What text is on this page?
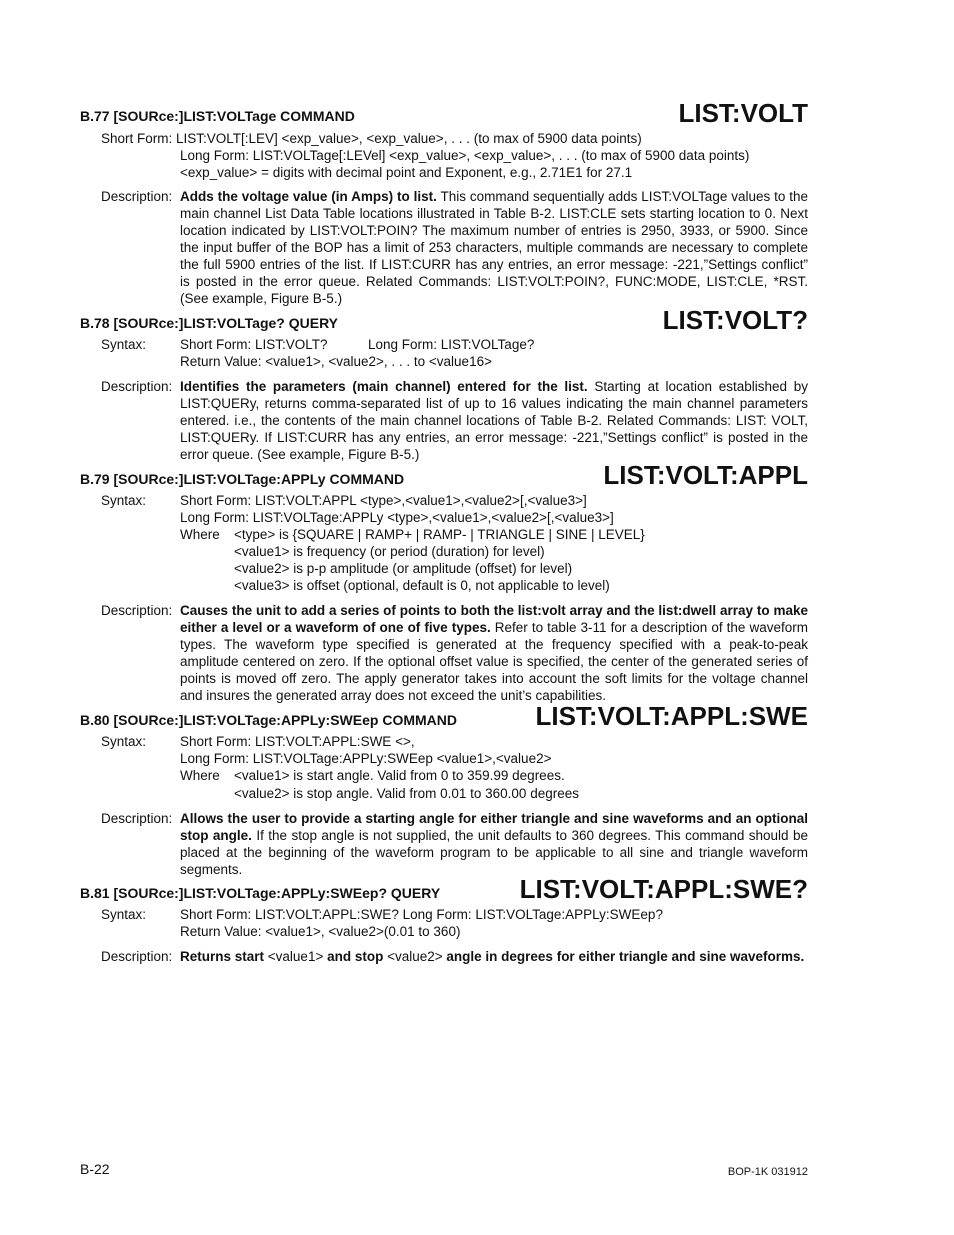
B.77 [SOURce:]LIST:VOLTage COMMAND	LIST:VOLT
Short Form: LIST:VOLT[:LEV] <exp_value>, <exp_value>, . . . (to max of 5900 data points)
Long Form: LIST:VOLTage[:LEVel] <exp_value>, <exp_value>, . . . (to max of 5900 data points)
<exp_value> = digits with decimal point and Exponent, e.g., 2.71E1 for 27.1
Description: Adds the voltage value (in Amps) to list. This command sequentially adds LIST:VOLTage values to the main channel List Data Table locations illustrated in Table B-2. LIST:CLE sets starting location to 0. Next location indicated by LIST:VOLT:POIN? The maximum number of entries is 2950, 3933, or 5900. Since the input buffer of the BOP has a limit of 253 characters, multiple commands are necessary to complete the full 5900 entries of the list. If LIST:CURR has any entries, an error message: -221,”Settings conflict” is posted in the error queue. Related Commands: LIST:VOLT:POIN?, FUNC:MODE, LIST:CLE, *RST. (See example, Figure B-5.)
B.78 [SOURce:]LIST:VOLTage? QUERY	LIST:VOLT?
Syntax:	Short Form: LIST:VOLT?	Long Form: LIST:VOLTage?
Return Value: <value1>, <value2>, . . . to <value16>
Description: Identifies the parameters (main channel) entered for the list. Starting at location established by LIST:QUERy, returns comma-separated list of up to 16 values indicating the main channel parameters entered. i.e., the contents of the main channel locations of Table B-2. Related Commands: LIST: VOLT, LIST:QUERy. If LIST:CURR has any entries, an error message: -221,”Settings conflict” is posted in the error queue. (See example, Figure B-5.)
B.79 [SOURce:]LIST:VOLTage:APPLy COMMAND	LIST:VOLT:APPL
Syntax:	Short Form: LIST:VOLT:APPL <type>,<value1>,<value2>[,<value3>]
Long Form: LIST:VOLTage:APPLy <type>,<value1>,<value2>[,<value3>]
Where <type> is {SQUARE | RAMP+ | RAMP- | TRIANGLE | SINE | LEVEL}
<value1> is frequency (or period (duration) for level)
<value2> is p-p amplitude (or amplitude (offset) for level)
<value3> is offset (optional, default is 0, not applicable to level)
Description: Causes the unit to add a series of points to both the list:volt array and the list:dwell array to make either a level or a waveform of one of five types. Refer to table 3-11 for a description of the waveform types. The waveform type specified is generated at the frequency specified with a peak-to-peak amplitude centered on zero. If the optional offset value is specified, the center of the generated series of points is moved off zero. The apply generator takes into account the soft limits for the voltage channel and insures the generated array does not exceed the unit’s capabilities.
B.80 [SOURce:]LIST:VOLTage:APPLy:SWEep COMMAND	LIST:VOLT:APPL:SWE
Syntax:	Short Form: LIST:VOLT:APPL:SWE <>,
Long Form: LIST:VOLTage:APPLy:SWEep <value1>,<value2>
Where <value1> is start angle. Valid from 0 to 359.99 degrees.
<value2> is stop angle. Valid from 0.01 to 360.00 degrees
Description: Allows the user to provide a starting angle for either triangle and sine waveforms and an optional stop angle. If the stop angle is not supplied, the unit defaults to 360 degrees. This command should be placed at the beginning of the waveform program to be applicable to all sine and triangle waveform segments.
B.81 [SOURce:]LIST:VOLTage:APPLy:SWEep? QUERY	LIST:VOLT:APPL:SWE?
Syntax:	Short Form: LIST:VOLT:APPL:SWE? Long Form: LIST:VOLTage:APPLy:SWEep?
Return Value: <value1>, <value2>(0.01 to 360)
Description: Returns start <value1> and stop <value2> angle in degrees for either triangle and sine waveforms.
B-22	BOP-1K 031912
